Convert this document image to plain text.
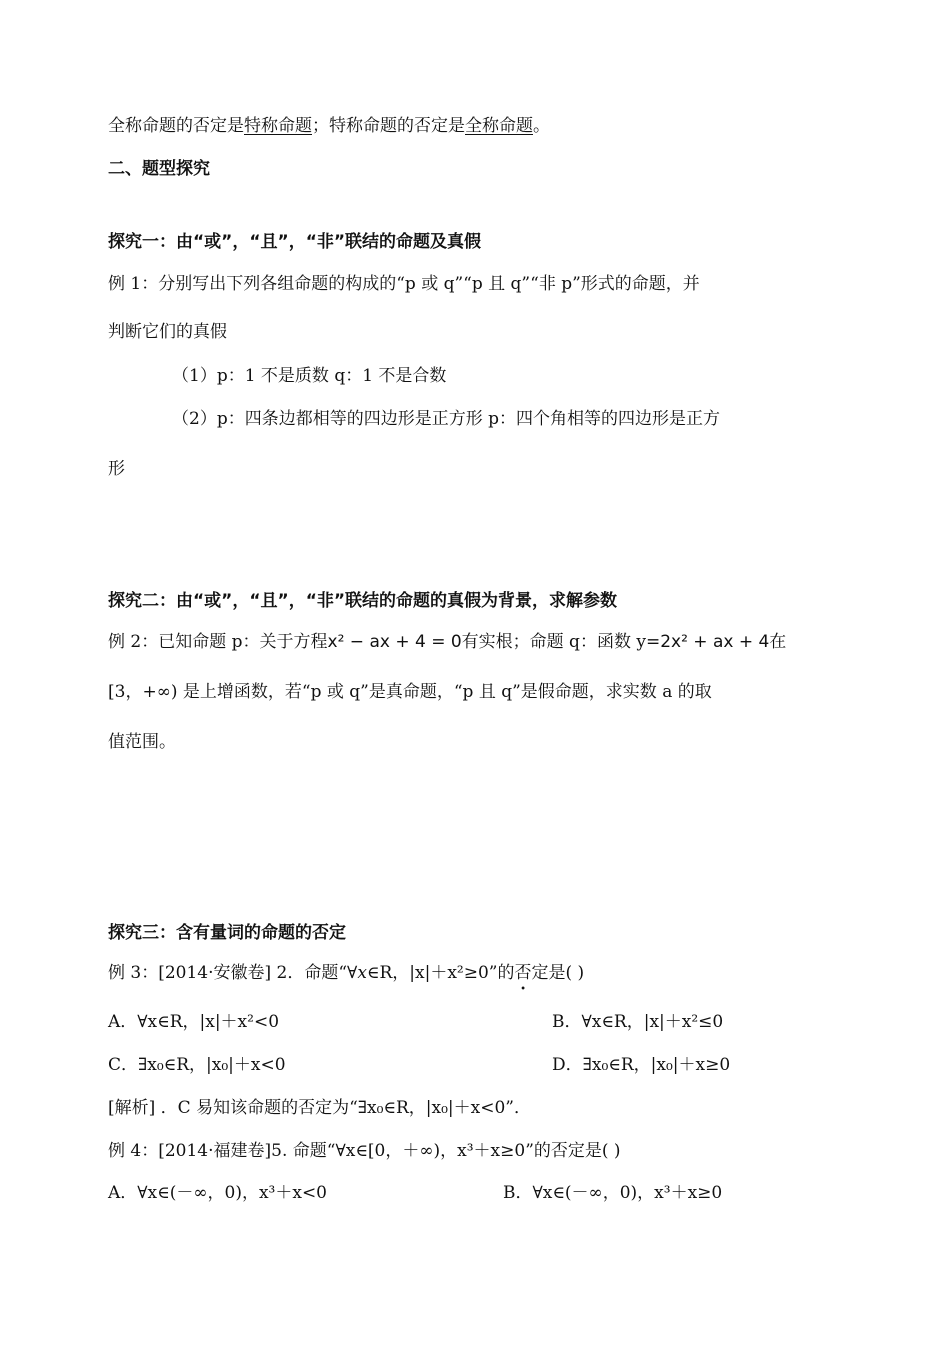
全称命题的否定是特称命题；特称命题的否定是全称命题。
二、题型探究
探究一：由“或”，“且”，“非”联结的命题及真假
例 1：分别写出下列各组命题的构成的“p 或 q”“p 且 q”“非 p”形式的命题，并
判断它们的真假
（1）p：1 不是质数 q：1 不是合数
（2）p：四条边都相等的四边形是正方形 p：四个角相等的四边形是正方
形
探究二：由“或”，“且”，“非”联结的命题的真假为背景，求解参数
例 2：已知命题 p：关于方程x² − ax + 4 = 0有实根；命题 q：函数 y=2x² + ax + 4在
[3，+∞) 是上增函数，若“p 或 q”是真命题，“p 且 q”是假命题，求实数 a 的取
值范围。
探究三：含有量词的命题的否定
例 3：[2014·安徽卷] 2．命题“∀x∈R，|x|＋x²≥0”的否定是( )
A．∀x∈R，|x|＋x²<0	B．∀x∈R，|x|＋x²≤0
C．∃x₀∈R，|x₀|＋x<0	D．∃x₀∈R，|x₀|＋x≥0
[解析] ．C 易知该命题的否定为“∃x₀∈R，|x₀|＋x<0”．
例 4：[2014·福建卷]5. 命题“∀x∈[0，＋∞)，x³＋x≥0”的否定是( )
A．∀x∈(－∞，0)，x³＋x<0	B．∀x∈(－∞，0)，x³＋x≥0
